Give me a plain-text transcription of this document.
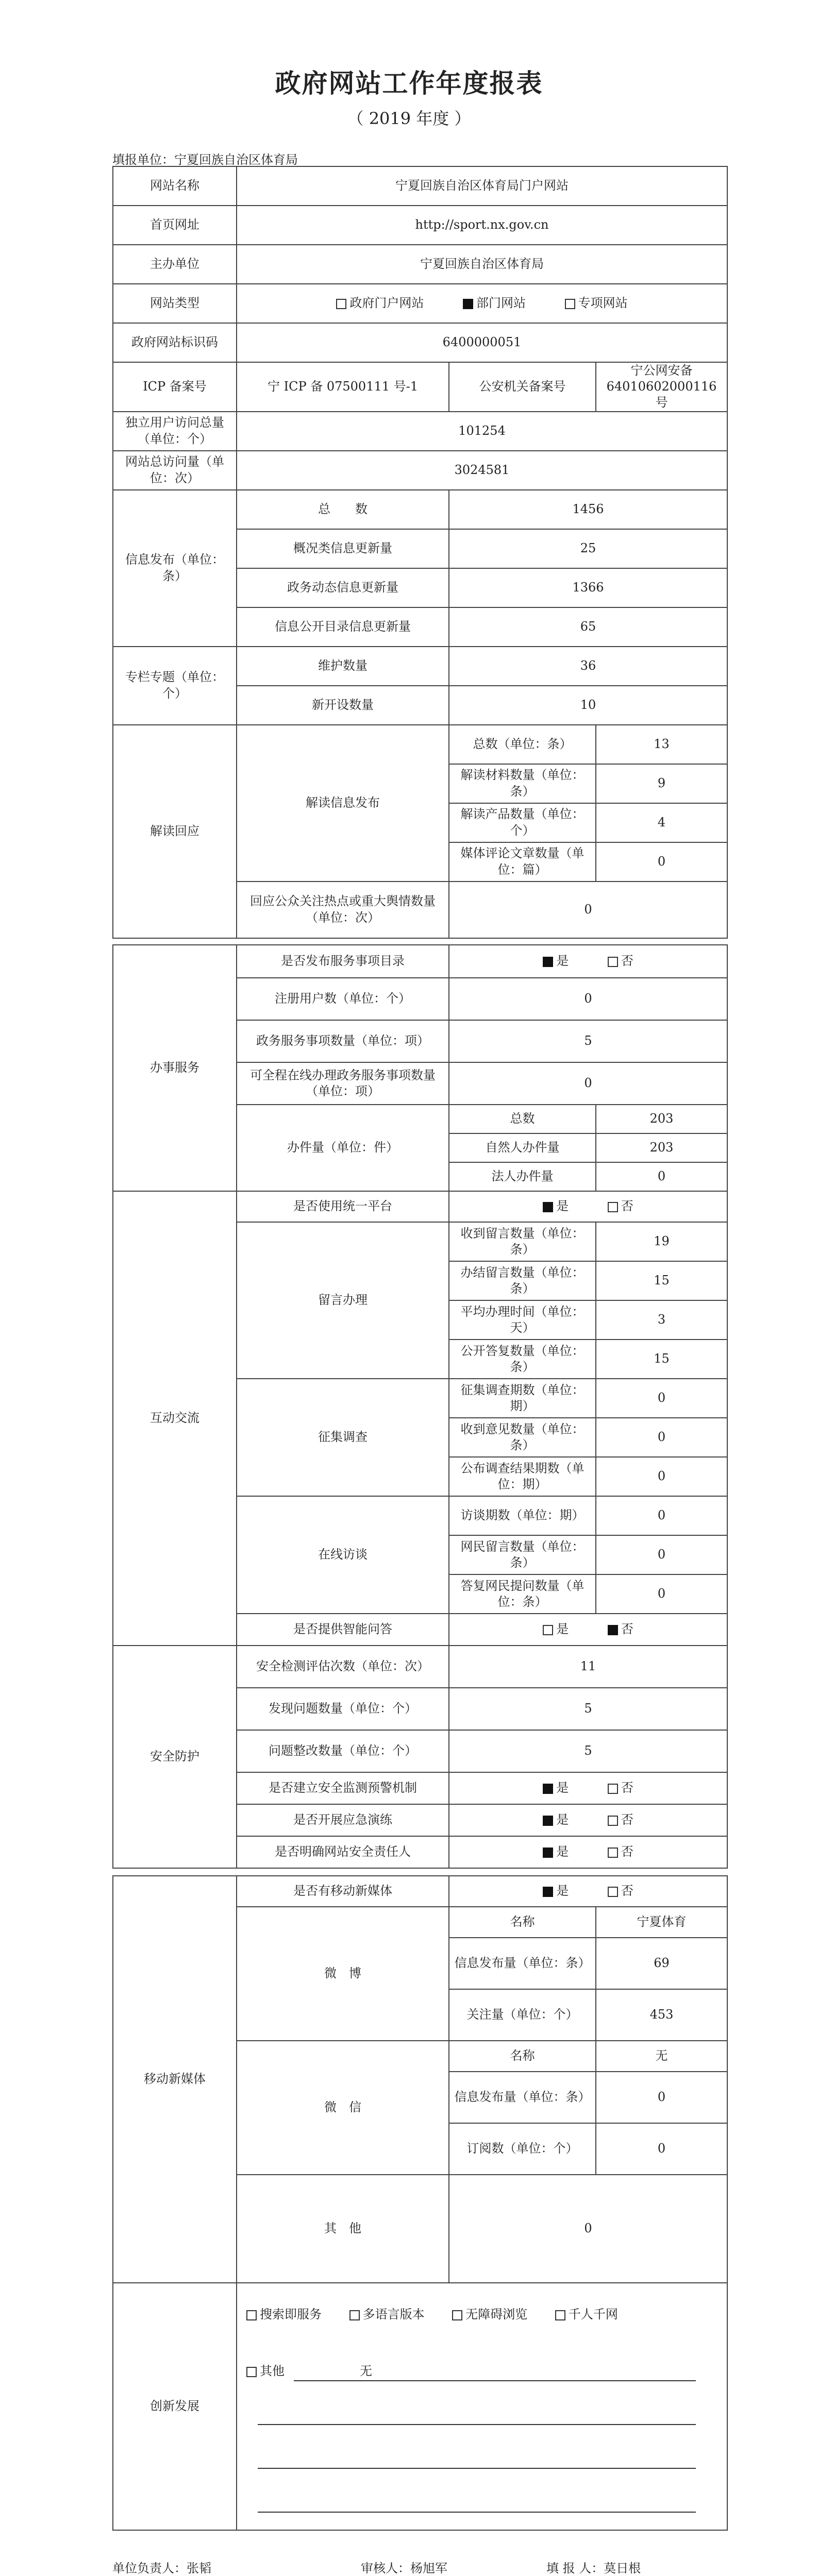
政府网站工作年度报表
（ 2019 年度 ）
填报单位：宁夏回族自治区体育局
网站名称	宁夏回族自治区体育局门户网站		
首页网址	http://sport.nx.gov.cn		
主办单位	宁夏回族自治区体育局		
网站类型	政府门户网站 部门网站 专项网站		
政府网站标识码	6400000051		
ICP 备案号	宁 ICP 备 07500111 号-1	公安机关备案号	宁公网安备 64010602000116 号
独立用户访问总量（单位：个）	101254		
网站总访问量（单位：次）	3024581		
信息发布（单位：条）	总　　数	1456	
	概况类信息更新量	25	
	政务动态信息更新量	1366	
	信息公开目录信息更新量	65	
专栏专题（单位：个）	维护数量	36	
	新开设数量	10	
解读回应	解读信息发布	总数（单位：条）	13
		解读材料数量（单位：条）	9
		解读产品数量（单位：个）	4
		媒体评论文章数量（单位：篇）	0
	回应公众关注热点或重大舆情数量（单位：次）	0	
办事服务	是否发布服务事项目录	是 否	
	注册用户数（单位：个）	0	
	政务服务事项数量（单位：项）	5	
	可全程在线办理政务服务事项数量（单位：项）	0	
	办件量（单位：件）	总数	203
		自然人办件量	203
		法人办件量	0
互动交流	是否使用统一平台	是 否	
	留言办理	收到留言数量（单位：条）	19
		办结留言数量（单位：条）	15
		平均办理时间（单位：天）	3
		公开答复数量（单位：条）	15
	征集调查	征集调查期数（单位：期）	0
		收到意见数量（单位：条）	0
		公布调查结果期数（单位：期）	0
	在线访谈	访谈期数（单位：期）	0
		网民留言数量（单位：条）	0
		答复网民提问数量（单位：条）	0
	是否提供智能问答	是 否	
安全防护	安全检测评估次数（单位：次）	11	
	发现问题数量（单位：个）	5	
	问题整改数量（单位：个）	5	
	是否建立安全监测预警机制	是 否	
	是否开展应急演练	是 否	
	是否明确网站安全责任人	是 否	
移动新媒体	是否有移动新媒体	是 否	
	微　博	名称	宁夏体育
		信息发布量（单位：条）	69
		关注量（单位：个）	453
	微　信	名称	无
		信息发布量（单位：条）	0
		订阅数（单位：个）	0
	其　他	0	
创新发展			
搜索即服务	多语言版本	无障碍浏览	千人千网
其他	无
单位负责人：张韬	审核人：杨旭军	填 报 人：莫日根
